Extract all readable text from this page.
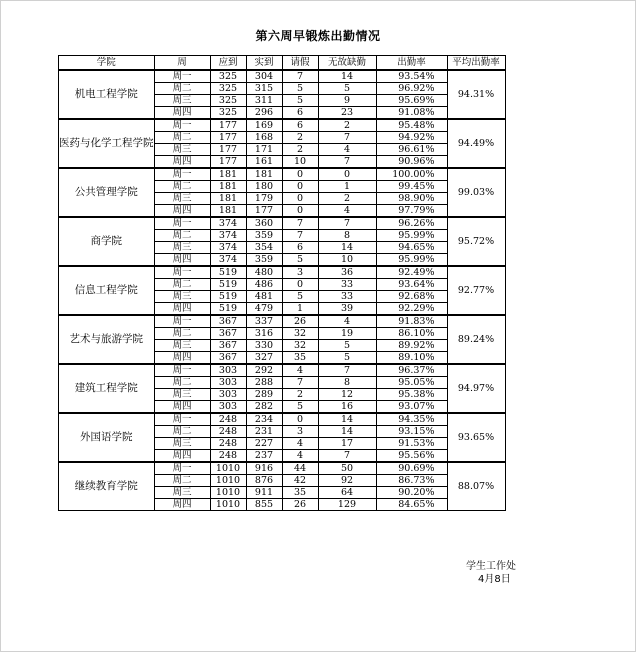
第六周早锻炼出勤情况
学院	周	应到	实到	请假	无故缺勤	出勤率	平均出勤率
机电工程学院	周一	325	304	7	14	93.54%	94.31%
	周二	325	315	5	5	96.92%	
	周三	325	311	5	9	95.69%	
	周四	325	296	6	23	91.08%	
医药与化学工程学院	周一	177	169	6	2	95.48%	94.49%
	周二	177	168	2	7	94.92%	
	周三	177	171	2	4	96.61%	
	周四	177	161	10	7	90.96%	
公共管理学院	周一	181	181	0	0	100.00%	99.03%
	周二	181	180	0	1	99.45%	
	周三	181	179	0	2	98.90%	
	周四	181	177	0	4	97.79%	
商学院	周一	374	360	7	7	96.26%	95.72%
	周二	374	359	7	8	95.99%	
	周三	374	354	6	14	94.65%	
	周四	374	359	5	10	95.99%	
信息工程学院	周一	519	480	3	36	92.49%	92.77%
	周二	519	486	0	33	93.64%	
	周三	519	481	5	33	92.68%	
	周四	519	479	1	39	92.29%	
艺术与旅游学院	周一	367	337	26	4	91.83%	89.24%
	周二	367	316	32	19	86.10%	
	周三	367	330	32	5	89.92%	
	周四	367	327	35	5	89.10%	
建筑工程学院	周一	303	292	4	7	96.37%	94.97%
	周二	303	288	7	8	95.05%	
	周三	303	289	2	12	95.38%	
	周四	303	282	5	16	93.07%	
外国语学院	周一	248	234	0	14	94.35%	93.65%
	周二	248	231	3	14	93.15%	
	周三	248	227	4	17	91.53%	
	周四	248	237	4	7	95.56%	
继续教育学院	周一	1010	916	44	50	90.69%	88.07%
	周二	1010	876	42	92	86.73%	
	周三	1010	911	35	64	90.20%	
	周四	1010	855	26	129	84.65%	
学生工作处
4月8日
